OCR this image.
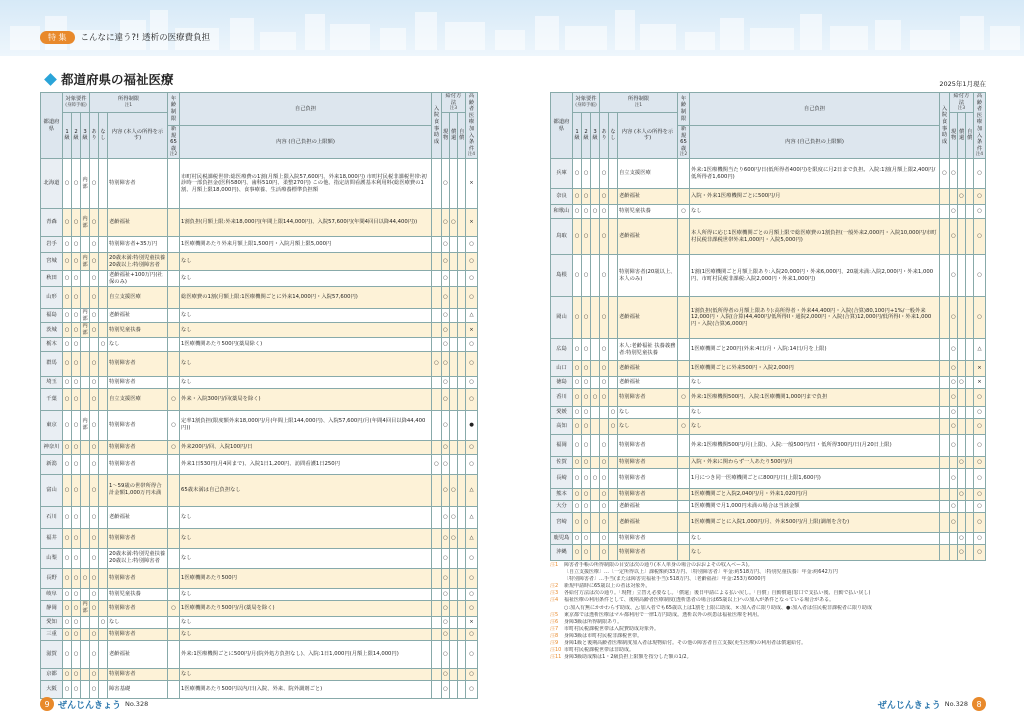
特 集	こんなに違う?! 透析の医療費負担
都道府県の福祉医療	2025年1月現在
都道府県	対象要件
(身障手帳)			所得制限
注1			年齢制限	自己負担	入院食事助成	給付方法
注3			高齢者医療加入条件
注4

	1級	2級	3級	あり	なし	内容 (本人の所得を示す)				現物	償還	自償	
							新規65歳
注2	内容 (自己負担の上限額)					
北海道	○	○	内部	○		特別障害者		市町村民税課税世帯:総医療費の1割(月額上限入院57,600円、外来18,000円) 市町村民税非課税世帯:初診時一部負担金(医科580円、歯科510円、柔整270円) この他、指定訪問看護基本利用料(総医療費の1割、月額上限18,000円)、食事療養、生活療養標準負担額		○			×
青森	○	○	内部	○		老齢福祉		1割負担(月額上限:外来18,000円(年間上限144,000円)、入院57,600円(年間4回目以降44,400円))		○	○		×
岩手	○	○		○		特別障害者+35万円		1医療機関あたり外来月額上限1,500円・入院月額上限5,000円		○			○
宮城	○	○	内部	○		20歳未満:特別児童扶養 20歳以上:特別障害者		なし		○			○
秋田	○	○		○		老齢福祉+100万円(社保のみ)		なし		○			○
山形	○	○		○		自立支援医療		総医療費の1割(月額上限:1医療機関ごとに外来14,000円・入院57,600円)		○			○
福島	○	○	内部	○		老齢福祉		なし		○			△
茨城	○	○	内部	○		特別児童扶養		なし		○			×
栃木	○	○			○	なし		1医療機関あたり500円(薬局除く)		○			○
群馬	○	○		○		特別障害者		なし	○	○			○
埼玉	○	○		○		特別障害者		なし		○			○
千葉	○	○		○		自立支援医療	○	外来・入院300円/回(薬局を除く)		○			○
東京	○	○	内部	○		特別障害者	○	定率1割負担(限度額外来18,000円/月(年間上限144,000円)、入院57,600円/月(年間4回目以降44,400円))		○			●
神奈川	○	○		○		特別障害者	○	外来200円/回、入院100円/日		○			○
新潟	○	○		○		特別障害者		外来1日530円(月4回まで)、入院1日1,200円、訪問看護1日250円	○	○			○
富山	○	○		○		1〜59歳の世帯所得合計金額1,000万円未満		65歳未満は自己負担なし		○	○		△
石川	○	○		○		老齢福祉		なし		○	○		△
福井	○	○		○		特別障害者		なし		○	○		△
山梨	○	○		○		20歳未満:特別児童扶養 20歳以上:特別障害者		なし		○			○
長野	○	○	○	○		特別障害者		1医療機関あたり500円		○			○
岐阜	○	○		○		特別児童扶養		なし		○			○
静岡	○	○	内部	○		特別障害者	○	1医療機関あたり500円/月(薬局を除く)		○			○
愛知	○	○			○	なし		なし		○			×
三重	○	○		○		特別障害者		なし		○			○
滋賀	○	○		○		老齢福祉		外来:1医療機関ごとに500円/月(院外処方負担なし)、入院:1日1,000円(月額上限14,000円)		○			○
京都	○	○		○		特別障害者		なし		○			○
大阪	○	○		○		障害基礎		1医療機関あたり500円以内/日(入院、外来、院外調剤ごと)		○			○
都道府県	対象要件
(身障手帳)			所得制限
注1			年齢制限	自己負担	入院食事助成	給付方法
注3			高齢者医療加入条件
注4

	1級	2級	3級	あり	なし	内容 (本人の所得を示す)				現物	償還	自償	
							新規65歳
注2	内容 (自己負担の上限額)					
兵庫	○	○		○		自立支援医療		外来:1医療機関当たり600円/日(低所得者400円)を限度に月2日まで負担。入院:1割(月額上限2,400円/低所得者1,600円)	○	○			○
奈良	○	○		○		老齢福祉		入院・外来1医療機関ごとに500円/月			○		○
和歌山	○	○	○	○		特別児童扶養	○	なし		○			○
鳥取	○	○		○		老齢福祉		本人所得に応じ1医療機関ごとの月額上限で総医療費の1割負担(一般外来2,000円・入院10,000円/市町村民税非課税世帯外来1,000円・入院5,000円)		○			○
島根	○	○		○		特別障害者(20歳以上、本人のみ)		1割(1医療機関ごと月額上限あり:入院20,000円・外来6,000円、20歳未満:入院2,000円・外来1,000円、市町村民税非課税:入院2,000円・外来1,000円)		○			○
岡山	○	○		○		老齢福祉		1割負担(低所得者の月額上限あり):高所得者・外来44,400円・入院(合算)80,100円+1%/一般外来12,000円・入院(合算)44,400円/低所得II・通院2,000円・入院(合算)12,000円/低所得I・外来1,000円・入院(合算)6,000円		○			○
広島	○	○		○		本人:老齢福祉 扶養義務者:特別児童扶養		1医療機関ごと200円(外来:4日/月・入院:14日/月を上限)		○			△
山口	○	○		○		老齢福祉		1医療機関ごとに外来500円・入院2,000円		○			×
徳島	○	○		○		老齢福祉		なし		○	○		×
香川	○	○	○	○		特別障害者	○	外来:1医療機関500円、入院:1医療機関1,000円まで負担		○			○
愛媛	○	○			○	なし		なし		○			○
高知	○	○			○	なし	○	なし		○			○
福岡	○	○		○		特別障害者		外来:1医療機関500円/月(上限)、入院:一般500円/日・低所得300円/日(月20日上限)		○			○
佐賀	○	○		○		特別障害者		入院・外来に関わらず一人あたり500円/月			○		○
長崎	○	○	○	○		特別障害者		1月につき同一医療機関ごとに800円/日(上限1,600円)		○			○
熊本	○	○		○		特別障害者		1医療機関ごと入院2,040円/月・外来1,020円/月			○		○
大分	○	○		○		老齢福祉		1医療機関で月1,000円未満の場合は当該金額		○			○
宮崎	○	○		○		老齢福祉		1医療機関ごとに入院1,000円/月、外来500円/月上限(調剤を含む)		○			○
鹿児島	○	○		○		特別障害者		なし			○		○
沖縄	○	○		○		特別障害者		なし			○		○
注1 障害者手帳の所得制限の目安は次の通り(本人単身の場合のおおよその収入ベース)。
〔自立支援医療〕…〔一定所得以上〕課税額約33万円、〔特別障害者〕年金:約518万円、〔特別児童扶養〕年金:約642万円
〔特別障害者〕…手当(または障害児福祉手当):518万円、〔老齢福祉〕年金:253万6000円
注2 新規申請時に65歳以上の者は対象外。
注3 各給付方法は次の通り。「現物」立替え必要なし。「償還」後日申請による払い戻し。「自償」自動償還(窓口で支払い後、自動で払い戻し)
注4 福祉医療の利用条件として、後期高齢者医療制度(透析患者の場合は65歳以上)への加入が条件となっている場合がある。
○:加入有無にかかわらず助成、△:加入者でも65歳以上は1割を上限に助成、×:加入者に限り助成、●:加入者は住民税非課税者に限り助成
注5 東京都では透析医療はマル都利用で一律1万円助成。透析以外の疾患は福祉医療を利用。
注6 身障3級は所得制限あり。
注7 市町村民税課税世帯は入院費助成対象外。
注8 身障3級は市町村民税非課税世帯。
注9 身障1級と後期高齢者医療制度加入者は現物給付。その他の障害者自立支援(更生医療)の利用者は償還給付。
注10 市町村民税課税世帯は非助成。
注11 身障3級助成額は1・2級負担上限額を按分した額の1/2。
9 ぜんじんきょう No.328	ぜんじんきょう No.328	8
